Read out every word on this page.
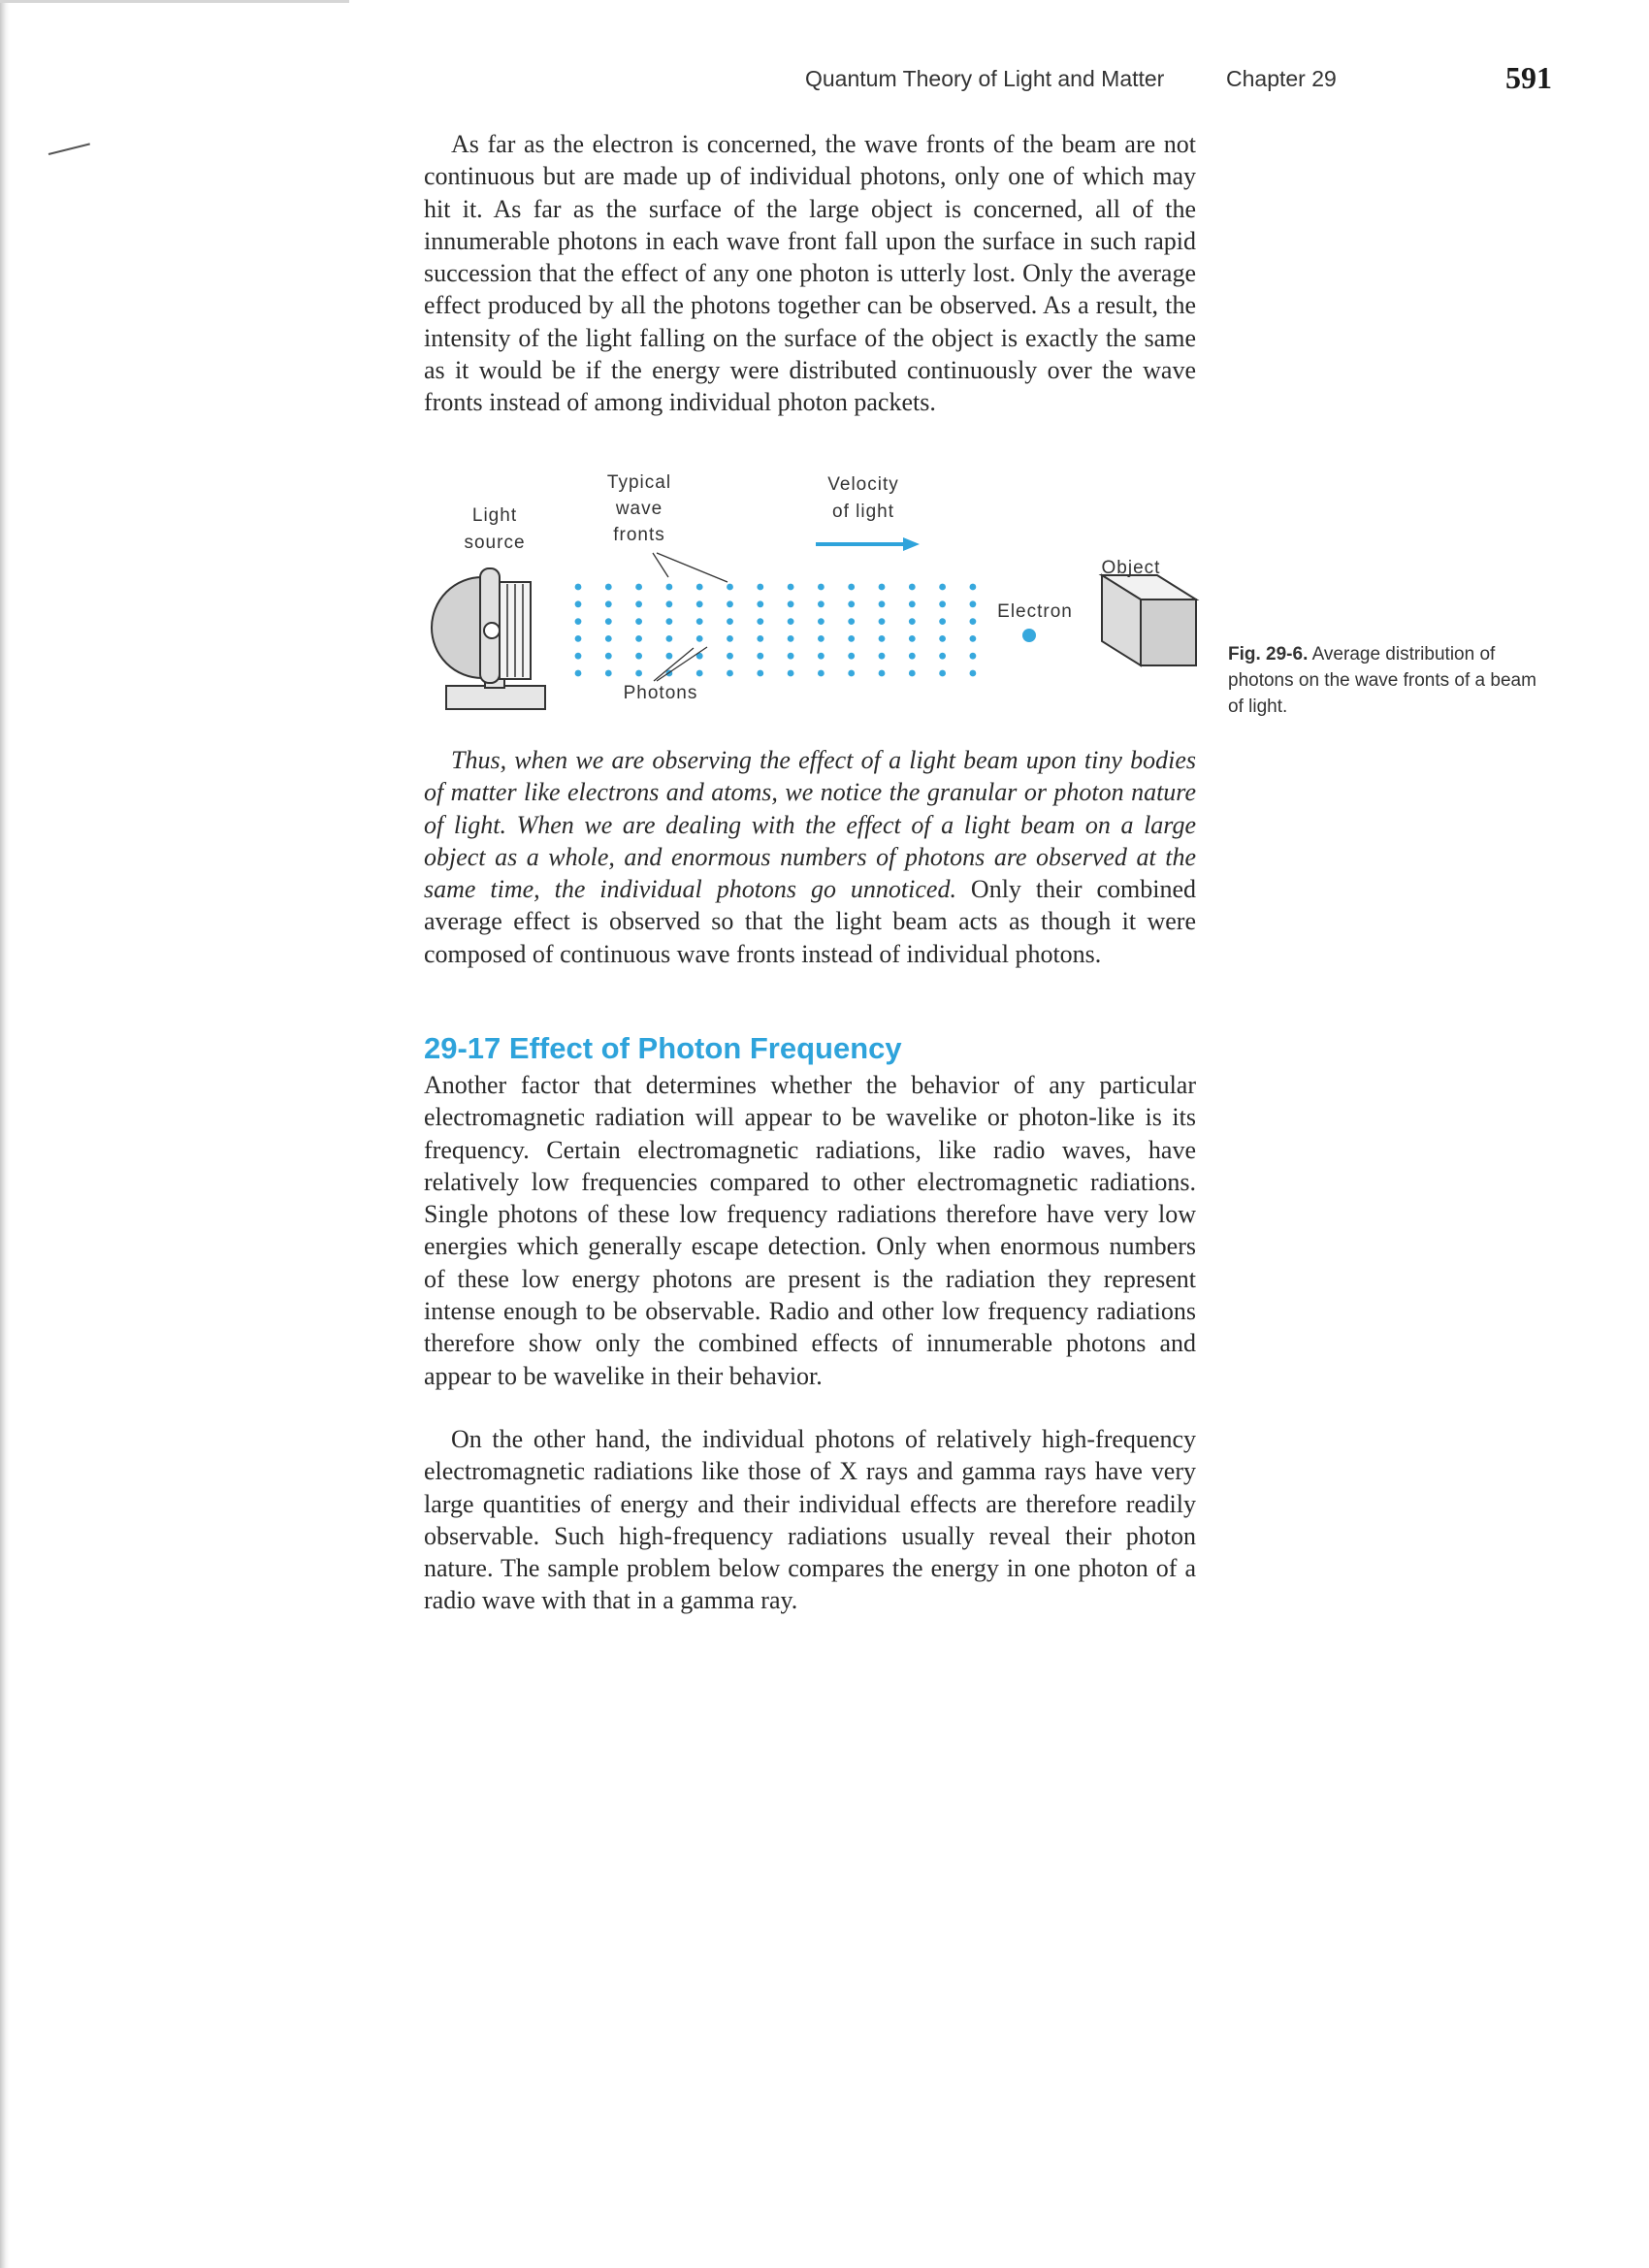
Quantum Theory of Light and Matter	Chapter 29	591

As far as the electron is concerned, the wave fronts of the beam are not continuous but are made up of individual photons, only one of which may hit it. As far as the surface of the large object is concerned, all of the innumerable photons in each wave front fall upon the surface in such rapid succession that the effect of any one photon is utterly lost. Only the average effect produced by all the photons together can be observed. As a result, the intensity of the light falling on the surface of the object is exactly the same as it would be if the energy were distributed continuously over the wave fronts instead of among individual photon packets.

Light
source
Typical
wave
fronts
Velocity
of light
Object
Electron
Photons
Fig. 29-6. Average distribution of photons on the wave fronts of a beam of light.

Thus, when we are observing the effect of a light beam upon tiny bodies of matter like electrons and atoms, we notice the granular or photon nature of light. When we are dealing with the effect of a light beam on a large object as a whole, and enormous numbers of photons are observed at the same time, the individual photons go unnoticed. Only their combined average effect is observed so that the light beam acts as though it were composed of continuous wave fronts instead of individual photons.

29-17 Effect of Photon Frequency

Another factor that determines whether the behavior of any particular electromagnetic radiation will appear to be wavelike or photon-like is its frequency. Certain electromagnetic radiations, like radio waves, have relatively low frequencies compared to other electromagnetic radiations. Single photons of these low frequency radiations therefore have very low energies which generally escape detection. Only when enormous numbers of these low energy photons are present is the radiation they represent intense enough to be observable. Radio and other low frequency radiations therefore show only the combined effects of innumerable photons and appear to be wavelike in their behavior.

On the other hand, the individual photons of relatively high-frequency electromagnetic radiations like those of X rays and gamma rays have very large quantities of energy and their individual effects are therefore readily observable. Such high-frequency radiations usually reveal their photon nature. The sample problem below compares the energy in one photon of a radio wave with that in a gamma ray.
